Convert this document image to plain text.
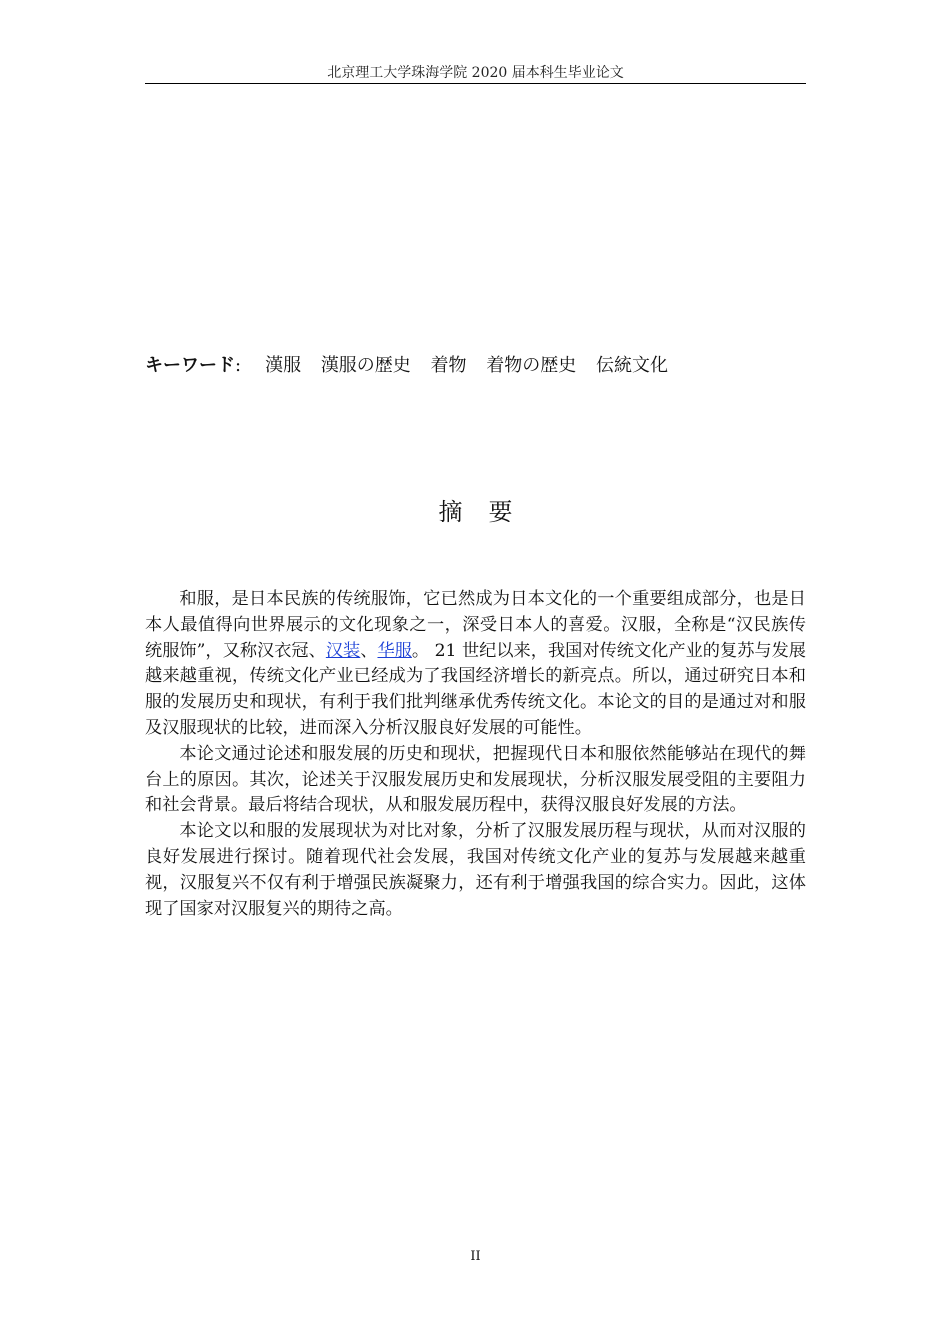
北京理工大学珠海学院 2020 届本科生毕业论文
キーワード: 漢服 漢服の歴史 着物 着物の歴史 伝統文化
摘要

和服，是日本民族的传统服饰，它已然成为日本文化的一个重要组成部分，也是日本人最值得向世界展示的文化现象之一，深受日本人的喜爱。汉服，全称是“汉民族传统服饰”，又称汉衣冠、汉装、华服。 21 世纪以来，我国对传统文化产业的复苏与发展越来越重视，传统文化产业已经成为了我国经济增长的新亮点。所以，通过研究日本和服的发展历史和现状，有利于我们批判继承优秀传统文化。本论文的目的是通过对和服及汉服现状的比较，进而深入分析汉服良好发展的可能性。

本论文通过论述和服发展的历史和现状，把握现代日本和服依然能够站在现代的舞台上的原因。其次，论述关于汉服发展历史和发展现状，分析汉服发展受阻的主要阻力和社会背景。最后将结合现状，从和服发展历程中，获得汉服良好发展的方法。

本论文以和服的发展现状为对比对象，分析了汉服发展历程与现状，从而对汉服的良好发展进行探讨。随着现代社会发展，我国对传统文化产业的复苏与发展越来越重视，汉服复兴不仅有利于增强民族凝聚力，还有利于增强我国的综合实力。因此，这体现了国家对汉服复兴的期待之高。

II
